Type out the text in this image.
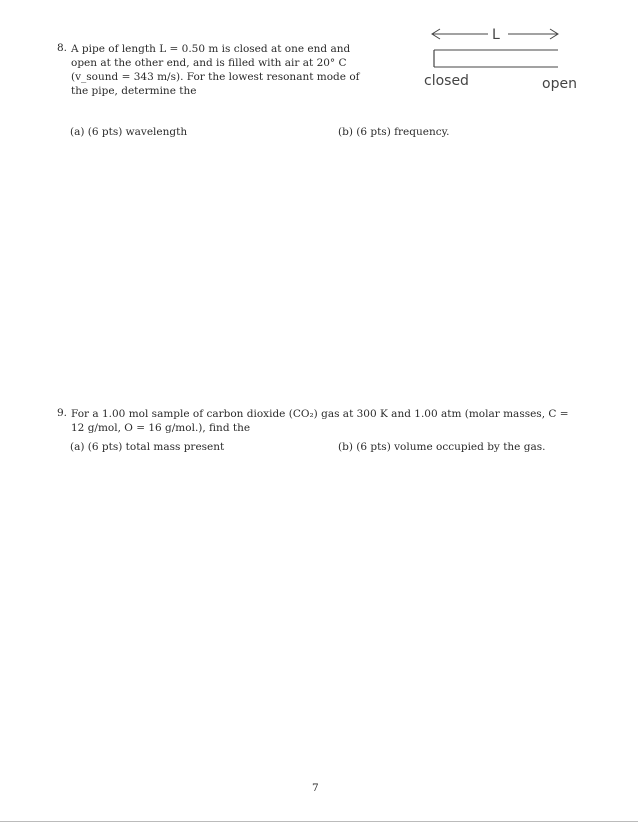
8. A pipe of length L = 0.50 m is closed at one end and
open at the other end, and is filled with air at 20° C
(v_sound = 343 m/s). For the lowest resonant mode of
the pipe, determine the
L
closed	open
(a) (6 pts) wavelength	(b) (6 pts) frequency.
9. For a 1.00 mol sample of carbon dioxide (CO₂) gas at 300 K and 1.00 atm (molar masses, C =
12 g/mol, O = 16 g/mol.), find the
(a) (6 pts) total mass present	(b) (6 pts) volume occupied by the gas.
7
